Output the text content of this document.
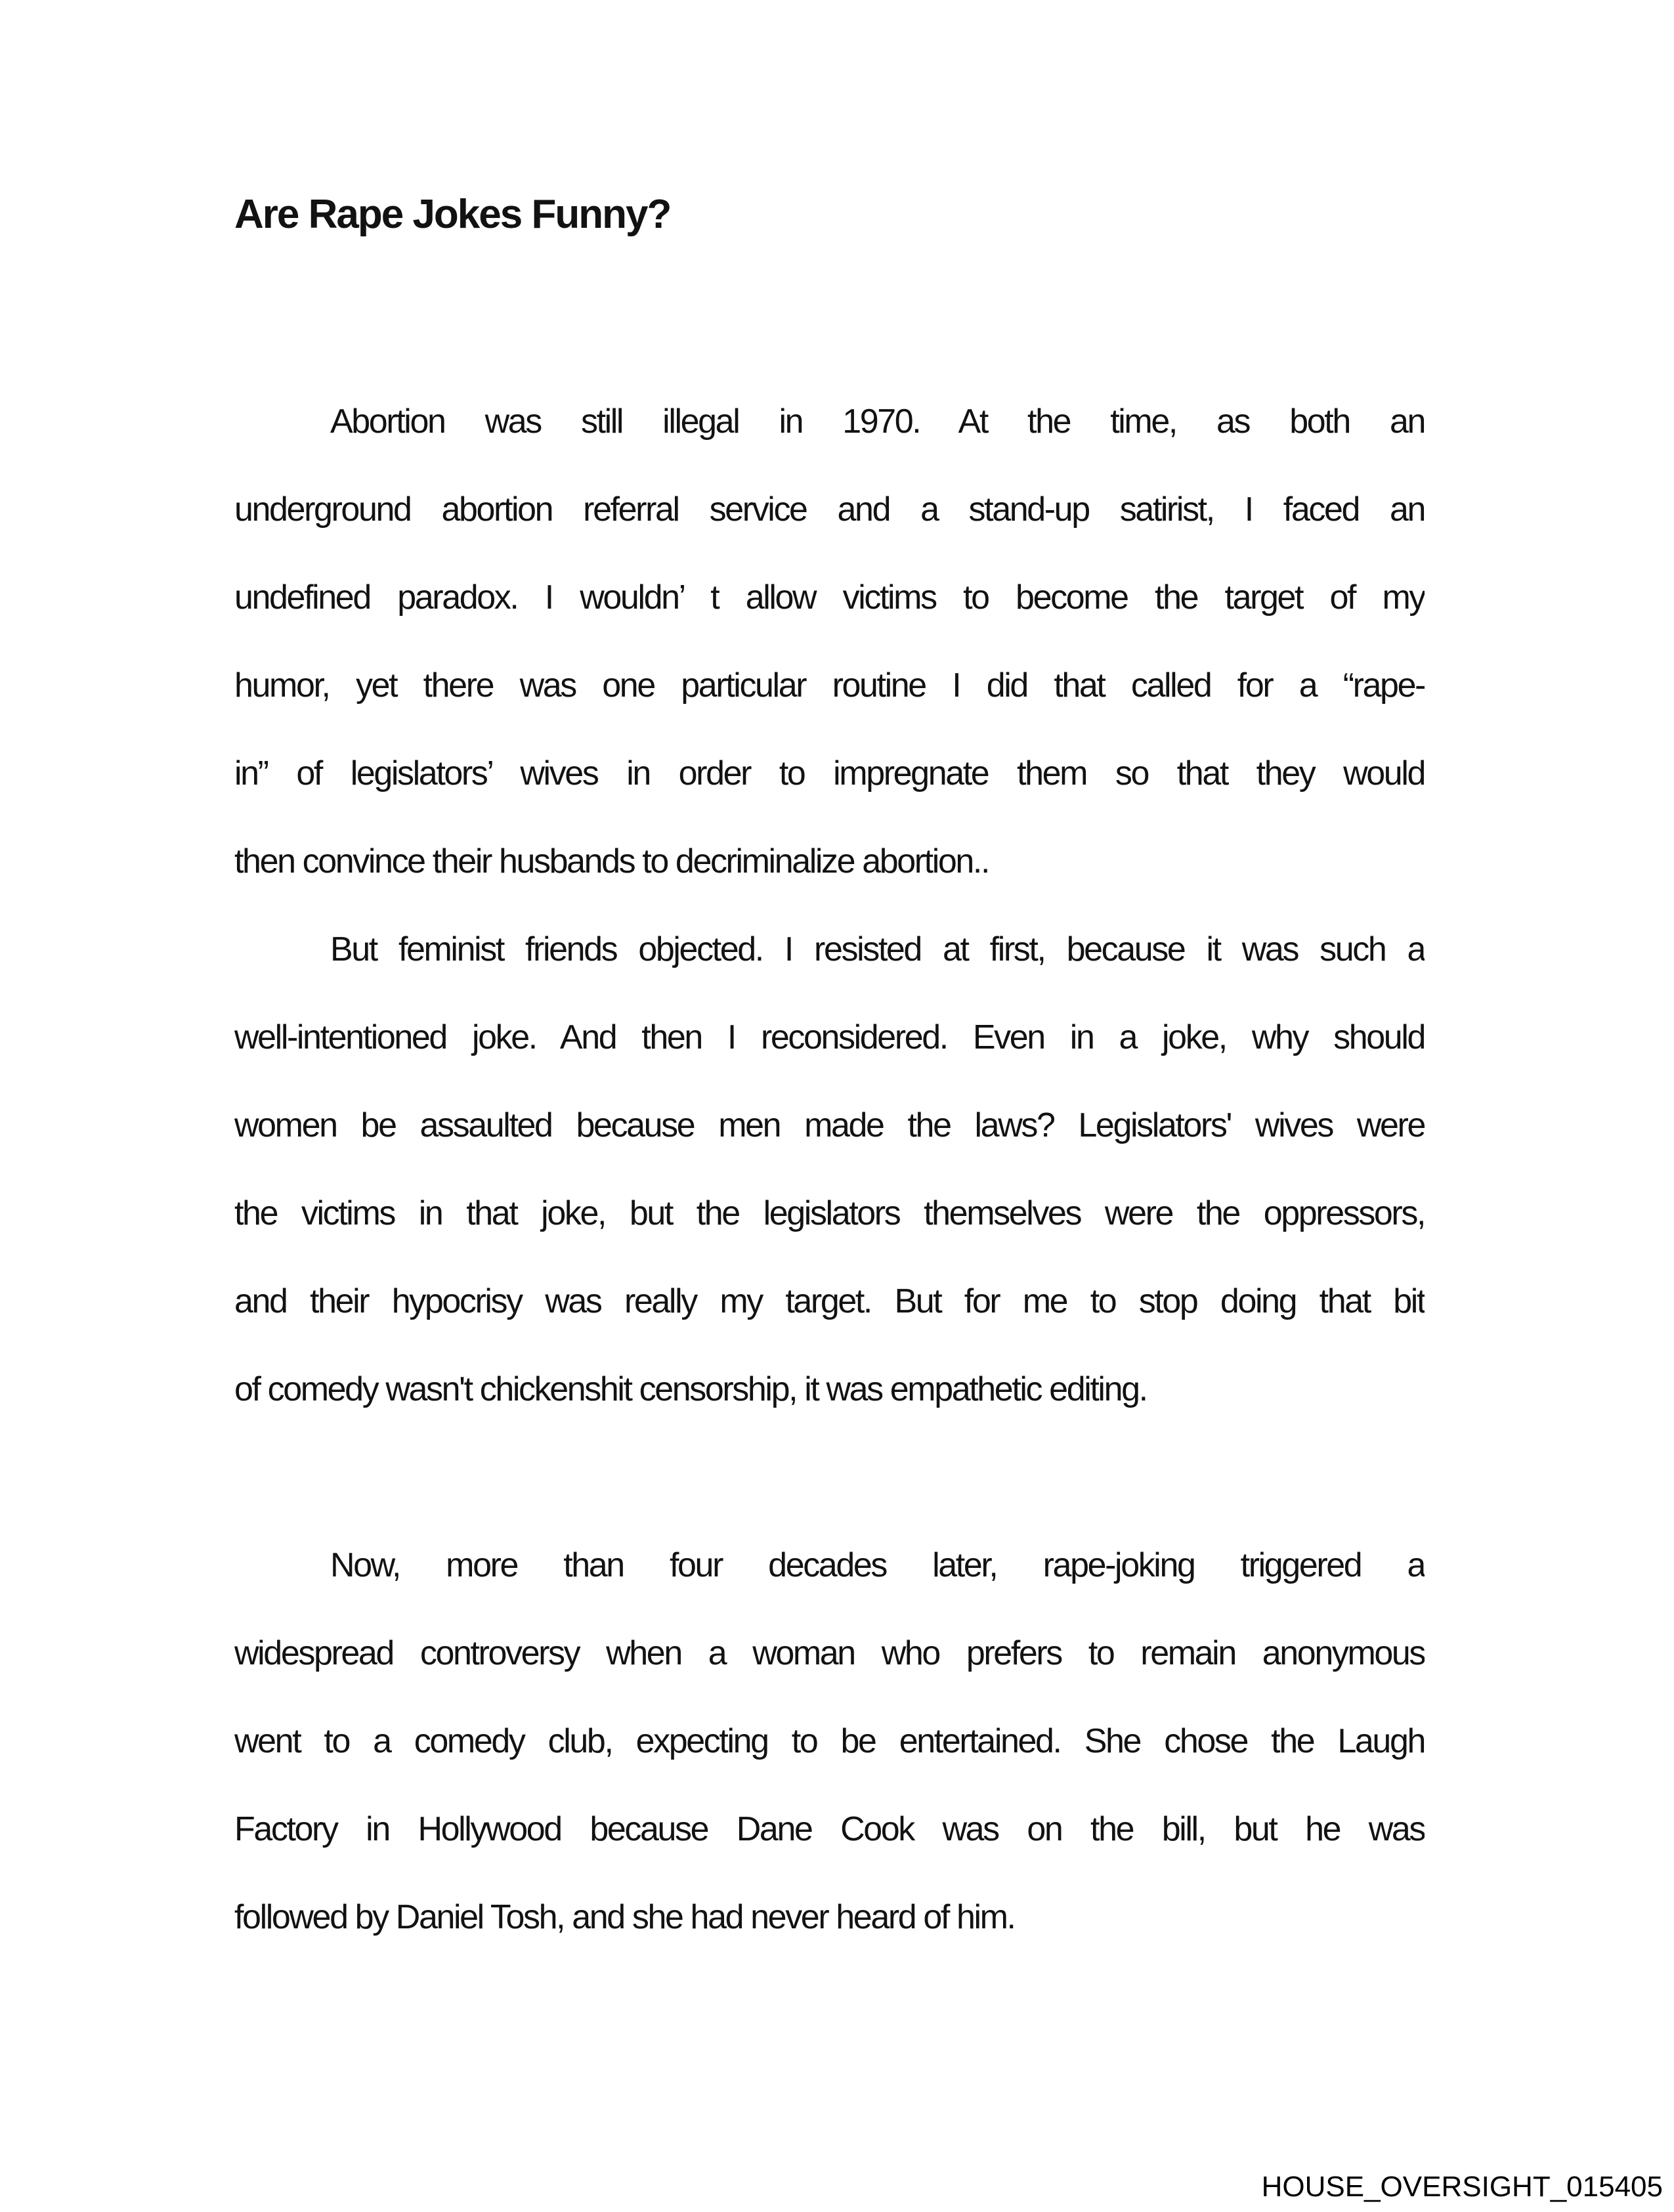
Are Rape Jokes Funny?
Abortion was still illegal in 1970. At the time, as both an
underground abortion referral service and a stand-up satirist, I faced an
undefined paradox. I wouldn’ t allow victims to become the target of my
humor, yet there was one particular routine I did that called for a “rape-
in” of legislators’ wives in order to impregnate them so that they would
then convince their husbands to decriminalize abortion..
But feminist friends objected. I resisted at first, because it was such a
well-intentioned joke. And then I reconsidered. Even in a joke, why should
women be assaulted because men made the laws? Legislators' wives were
the victims in that joke, but the legislators themselves were the oppressors,
and their hypocrisy was really my target. But for me to stop doing that bit
of comedy wasn't chickenshit censorship, it was empathetic editing.
Now, more than four decades later, rape-joking triggered a
widespread controversy when a woman who prefers to remain anonymous
went to a comedy club, expecting to be entertained. She chose the Laugh
Factory in Hollywood because Dane Cook was on the bill, but he was
followed by Daniel Tosh, and she had never heard of him.
HOUSE_OVERSIGHT_015405
